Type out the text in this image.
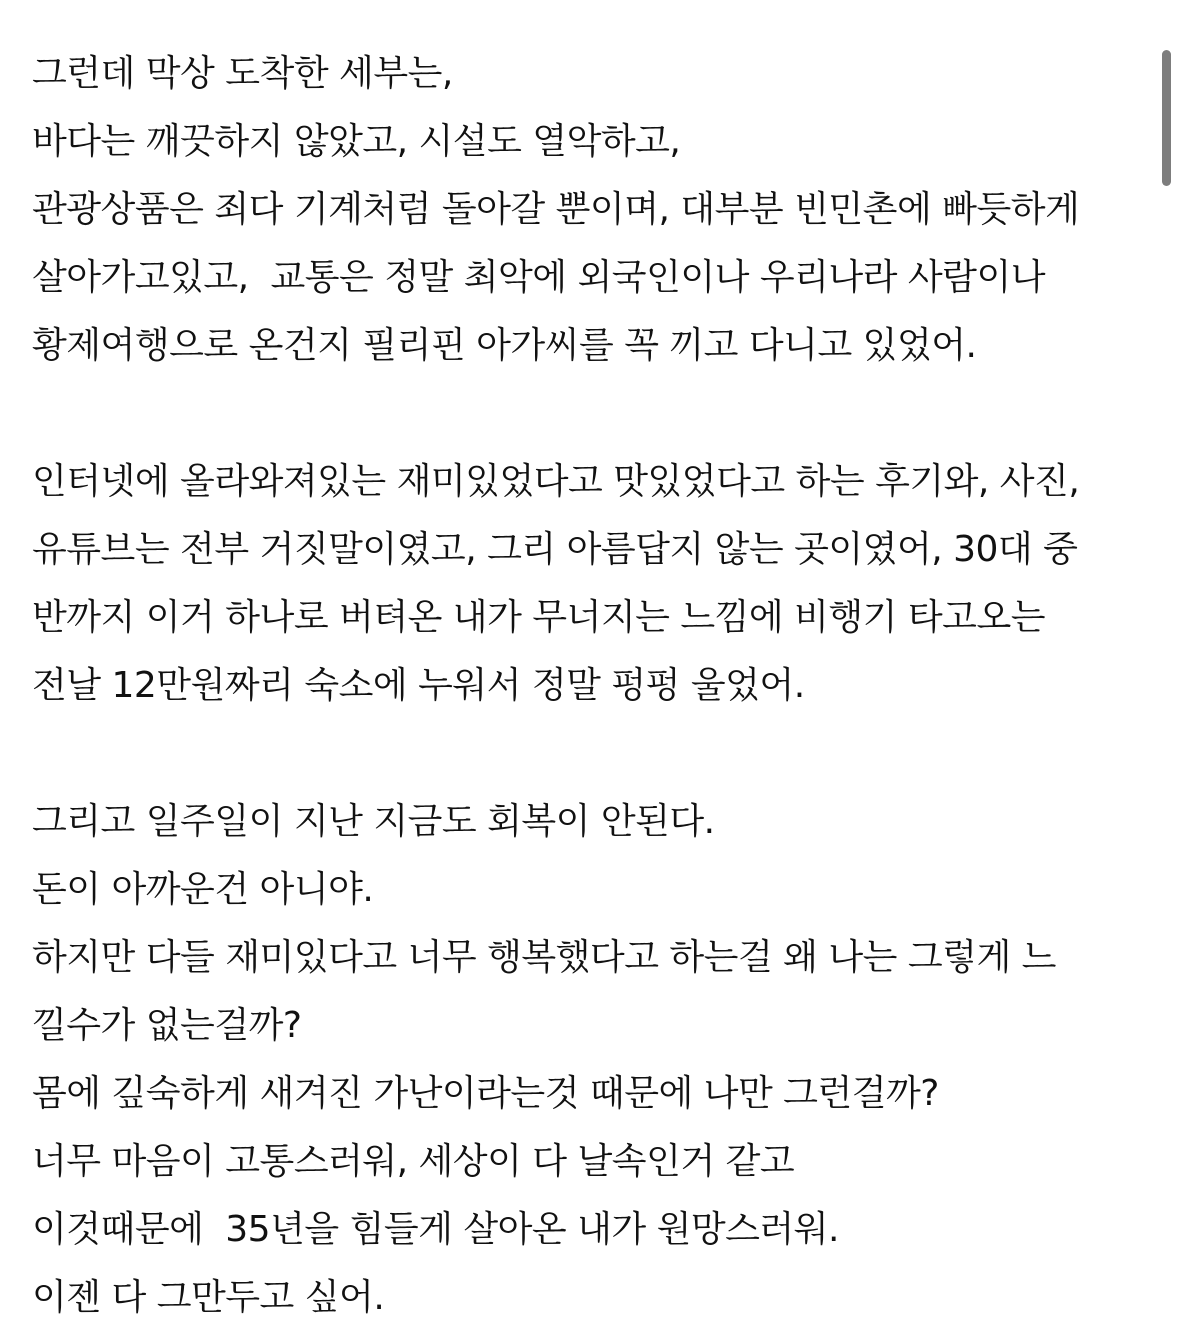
그런데 막상 도착한 세부는,
바다는 깨끗하지 않았고, 시설도 열악하고,
관광상품은 죄다 기계처럼 돌아갈 뿐이며, 대부분 빈민촌에 빠듯하게
살아가고있고,  교통은 정말 최악에 외국인이나 우리나라 사람이나
황제여행으로 온건지 필리핀 아가씨를 꼭 끼고 다니고 있었어.
인터넷에 올라와져있는 재미있었다고 맛있었다고 하는 후기와, 사진,
유튜브는 전부 거짓말이였고, 그리 아름답지 않는 곳이였어, 30대 중
반까지 이거 하나로 버텨온 내가 무너지는 느낌에 비행기 타고오는
전날 12만원짜리 숙소에 누워서 정말 펑펑 울었어.
그리고 일주일이 지난 지금도 회복이 안된다.
돈이 아까운건 아니야.
하지만 다들 재미있다고 너무 행복했다고 하는걸 왜 나는 그렇게 느
낄수가 없는걸까?
몸에 깊숙하게 새겨진 가난이라는것 때문에 나만 그런걸까?
너무 마음이 고통스러워, 세상이 다 날속인거 같고
이것때문에  35년을 힘들게 살아온 내가 원망스러워.
이젠 다 그만두고 싶어.
